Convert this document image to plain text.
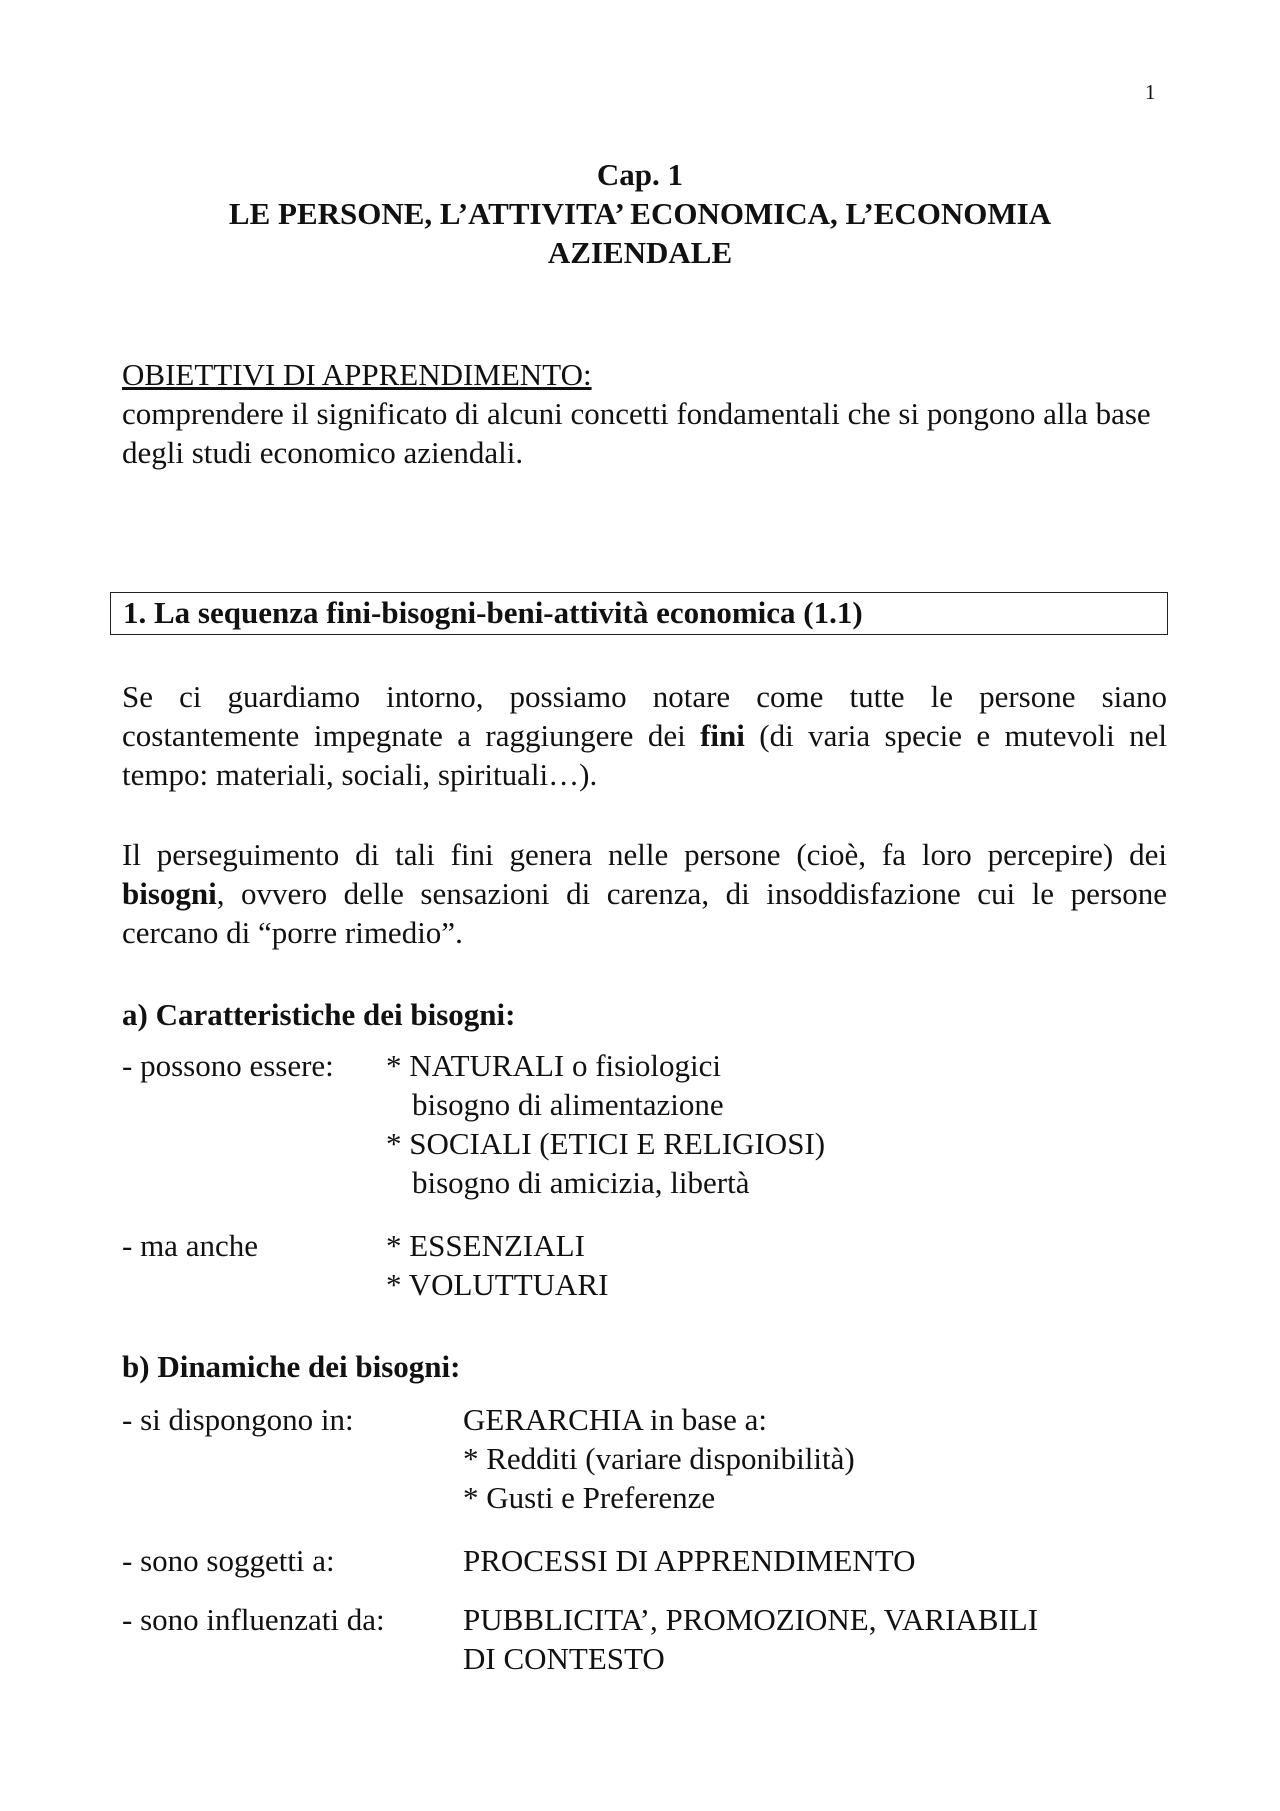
1
Cap. 1
LE PERSONE, L’ATTIVITA’ ECONOMICA, L’ECONOMIA
AZIENDALE
OBIETTIVI DI APPRENDIMENTO:
comprendere il significato di alcuni concetti fondamentali che si pongono alla base degli studi economico aziendali.
1. La sequenza fini-bisogni-beni-attività economica (1.1)
Se ci guardiamo intorno, possiamo notare come tutte le persone siano costantemente impegnate a raggiungere dei fini (di varia specie e mutevoli nel tempo: materiali, sociali, spirituali…).
Il perseguimento di tali fini genera nelle persone (cioè, fa loro percepire) dei bisogni, ovvero delle sensazioni di carenza, di insoddisfazione cui le persone cercano di “porre rimedio”.
a) Caratteristiche dei bisogni:
- possono essere: * NATURALI o fisiologici
bisogno di alimentazione
* SOCIALI (ETICI E RELIGIOSI)
bisogno di amicizia, libertà
- ma anche	* ESSENZIALI
* VOLUTTUARI
b) Dinamiche dei bisogni:
- si dispongono in:	GERARCHIA in base a:
* Redditi (variare disponibilità)
* Gusti e Preferenze
- sono soggetti a:	PROCESSI DI APPRENDIMENTO
- sono influenzati da:	PUBBLICITA’, PROMOZIONE, VARIABILI
DI CONTESTO
